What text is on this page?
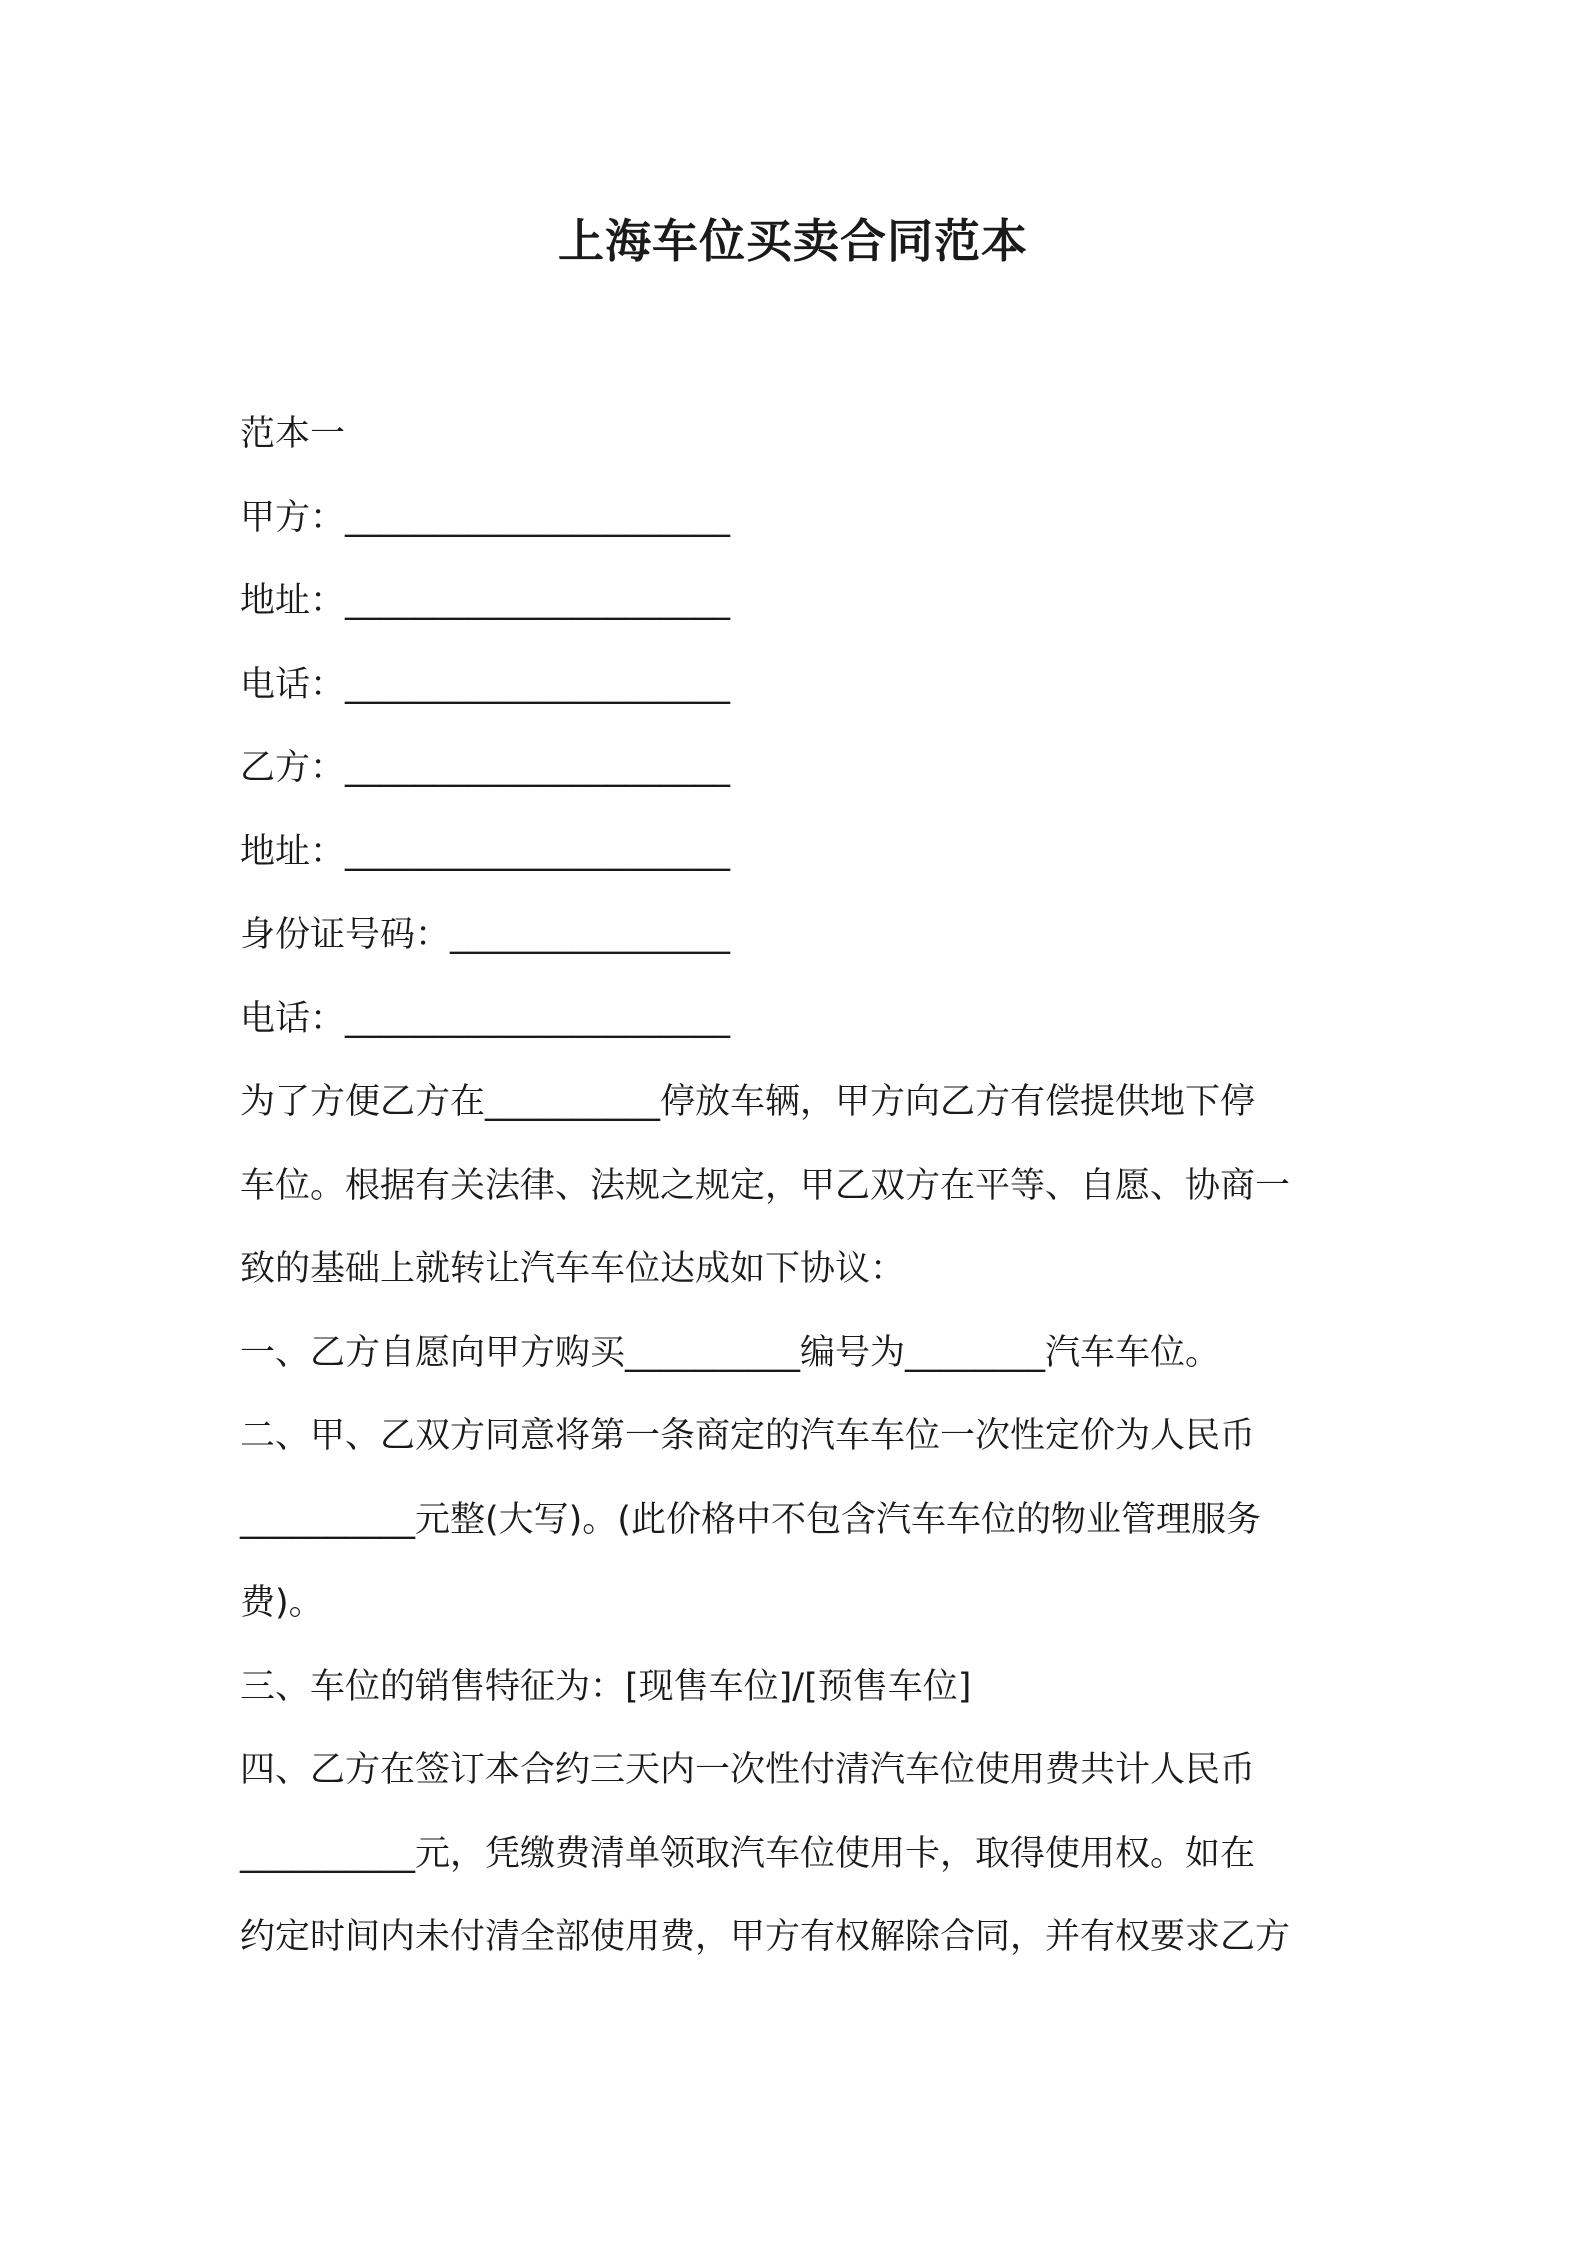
上海车位买卖合同范本

范本一

甲方：______________________

地址：______________________

电话：______________________

乙方：______________________

地址：______________________

身份证号码：________________

电话：______________________

为了方便乙方在__________停放车辆，甲方向乙方有偿提供地下停

车位。根据有关法律、法规之规定，甲乙双方在平等、自愿、协商一

致的基础上就转让汽车车位达成如下协议：

一、乙方自愿向甲方购买__________编号为________汽车车位。

二、甲、乙双方同意将第一条商定的汽车车位一次性定价为人民币

__________元整(大写)。(此价格中不包含汽车车位的物业管理服务

费)。

三、车位的销售特征为：[现售车位]/[预售车位]

四、乙方在签订本合约三天内一次性付清汽车位使用费共计人民币

__________元，凭缴费清单领取汽车位使用卡，取得使用权。如在

约定时间内未付清全部使用费，甲方有权解除合同，并有权要求乙方
